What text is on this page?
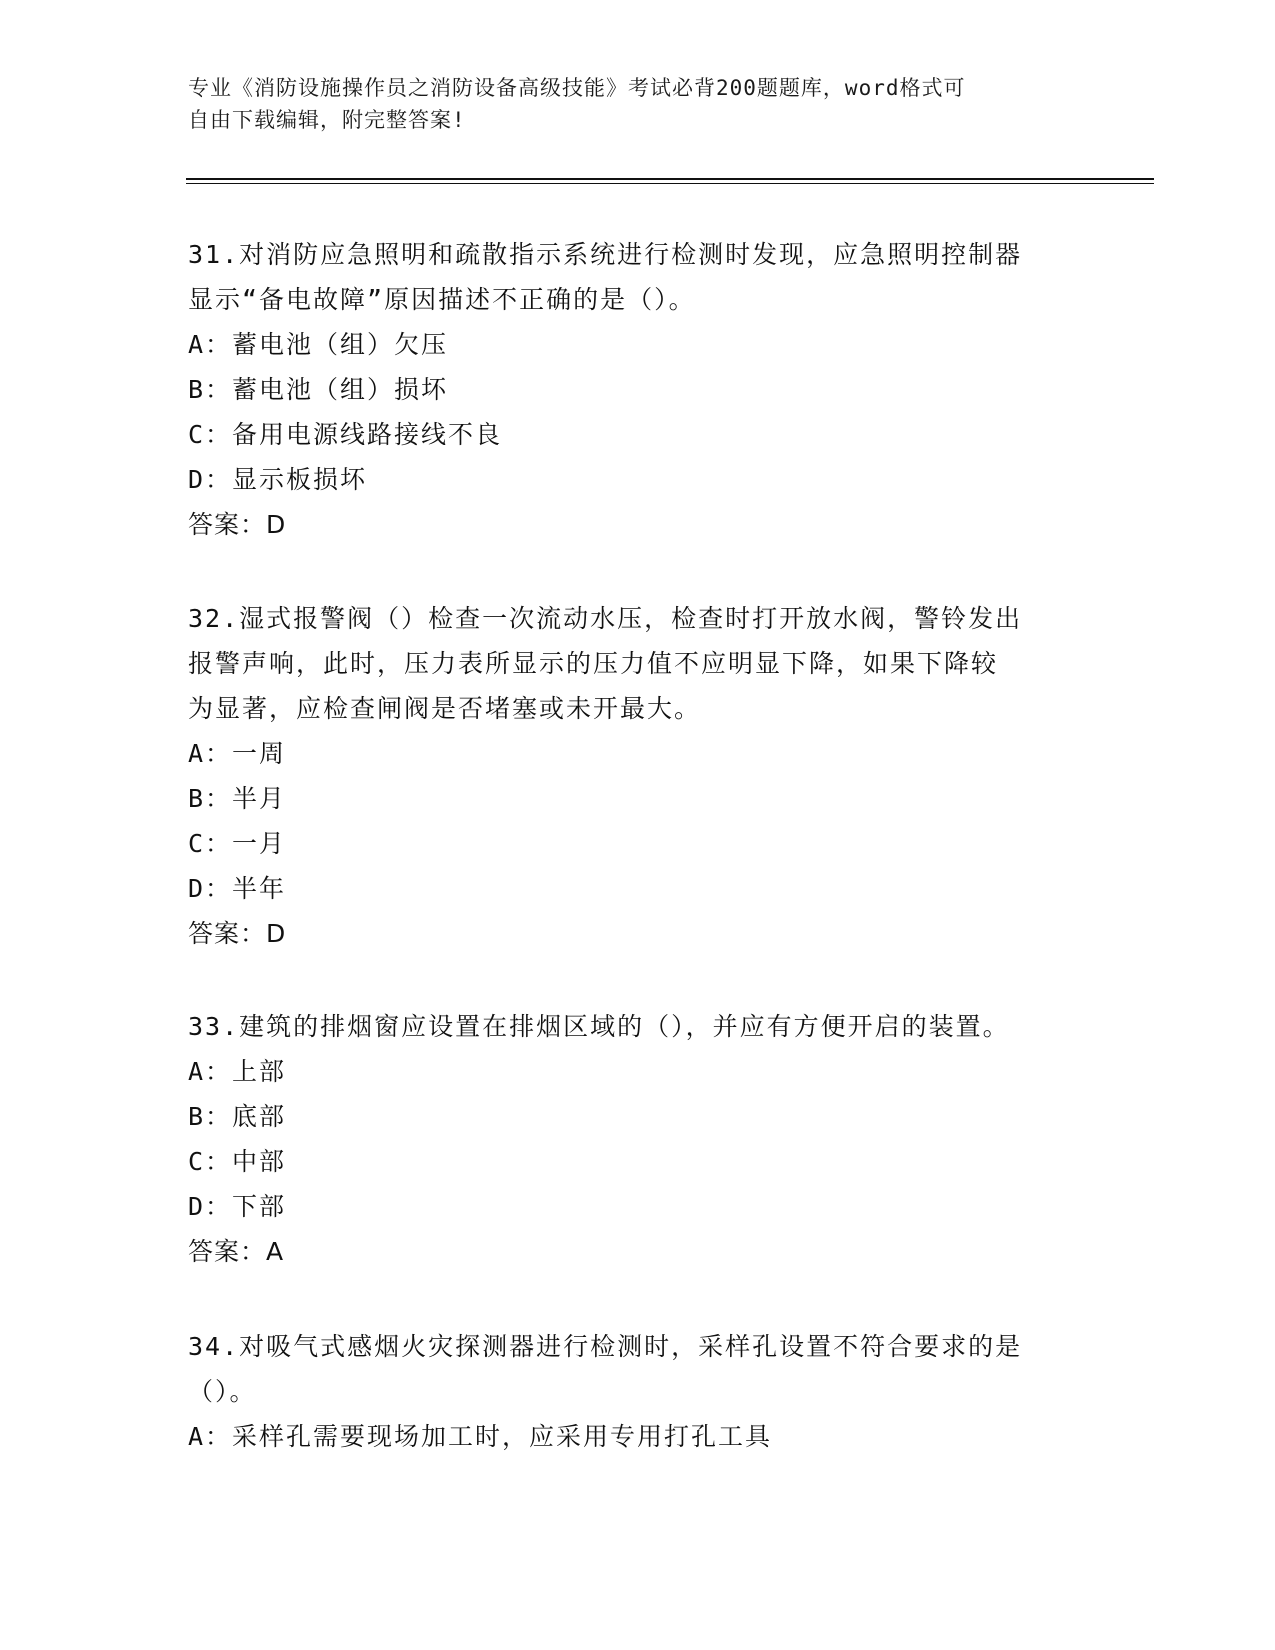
专业《消防设施操作员之消防设备高级技能》考试必背200题题库，word格式可
自由下载编辑，附完整答案!

31.对消防应急照明和疏散指示系统进行检测时发现，应急照明控制器

显示“备电故障”原因描述不正确的是（）。

A：蓄电池（组）欠压

B：蓄电池（组）损坏

C：备用电源线路接线不良

D：显示板损坏

答案：D

32.湿式报警阀（）检查一次流动水压，检查时打开放水阀，警铃发出

报警声响，此时，压力表所显示的压力值不应明显下降，如果下降较

为显著，应检查闸阀是否堵塞或未开最大。

A：一周

B：半月

C：一月

D：半年

答案：D

33.建筑的排烟窗应设置在排烟区域的（），并应有方便开启的装置。

A：上部

B：底部

C：中部

D：下部

答案：A

34.对吸气式感烟火灾探测器进行检测时，采样孔设置不符合要求的是

（）。

A：采样孔需要现场加工时，应采用专用打孔工具
